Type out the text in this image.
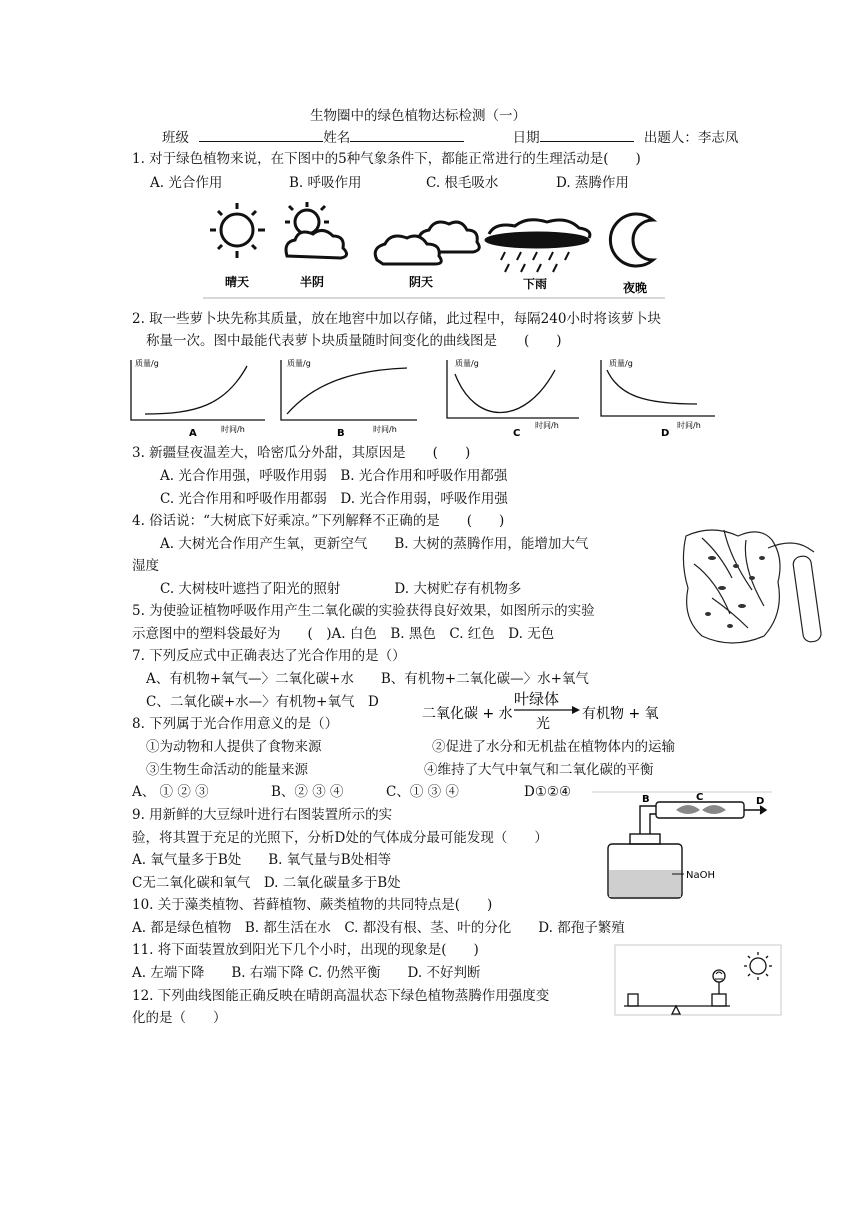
生物圈中的绿色植物达标检测（一）
班级	姓名	日期	出题人：李志凤
1. 对于绿色植物来说，在下图中的5种气象条件下，都能正常进行的生理活动是(　　)
A. 光合作用	B. 呼吸作用	C. 根毛吸水	D. 蒸腾作用
晴天	半阴	阴天	下雨	夜晚
2. 取一些萝卜块先称其质量，放在地窖中加以存储，此过程中，每隔240小时将该萝卜块
称量一次。图中最能代表萝卜块质量随时间变化的曲线图是　　(　　)
质量/g
时间/h
A
质量/g
时间/h
B
质量/g
时间/h
C
质量/g
时间/h
D
3. 新疆昼夜温差大，哈密瓜分外甜，其原因是　　(　　)
A. 光合作用强，呼吸作用弱　B. 光合作用和呼吸作用都强
C. 光合作用和呼吸作用都弱　D. 光合作用弱，呼吸作用强
4. 俗话说：“大树底下好乘凉。”下列解释不正确的是　　(　　)
A. 大树光合作用产生氧，更新空气　　B. 大树的蒸腾作用，能增加大气
湿度
C. 大树枝叶遮挡了阳光的照射　　　　D. 大树贮存有机物多
5. 为使验证植物呼吸作用产生二氧化碳的实验获得良好效果，如图所示的实验
示意图中的塑料袋最好为　　(　)A. 白色　B. 黑色　C. 红色　D. 无色
7. 下列反应式中正确表达了光合作用的是（）
A、有机物+氧气—〉二氧化碳+水　　B、有机物+二氧化碳—〉水+氧气
C、二氧化碳+水—〉有机物+氧气　D
二氧化碳 + 水
叶绿体
光
有机物 + 氧
8. 下列属于光合作用意义的是（）
①为动物和人提供了食物来源	②促进了水分和无机盐在植物体内的运输
③生物生命活动的能量来源	④维持了大气中氧气和二氧化碳的平衡
A、 ① ② ③	B、② ③ ④	C、① ③ ④	D①②④	B	C	D
NaOH
9. 用新鲜的大豆绿叶进行右图装置所示的实
验，将其置于充足的光照下，分析D处的气体成分最可能发现（　　）
A. 氧气量多于B处　　B. 氧气量与B处相等
C无二氧化碳和氧气　D. 二氧化碳量多于B处
10. 关于藻类植物、苔藓植物、蕨类植物的共同特点是(　　)
A. 都是绿色植物　B. 都生活在水　C. 都没有根、茎、叶的分化　　D. 都孢子繁殖
11. 将下面装置放到阳光下几个小时，出现的现象是(　　)
A. 左端下降　　B. 右端下降 C. 仍然平衡　　D. 不好判断
12. 下列曲线图能正确反映在晴朗高温状态下绿色植物蒸腾作用强度变
化的是（　　）
